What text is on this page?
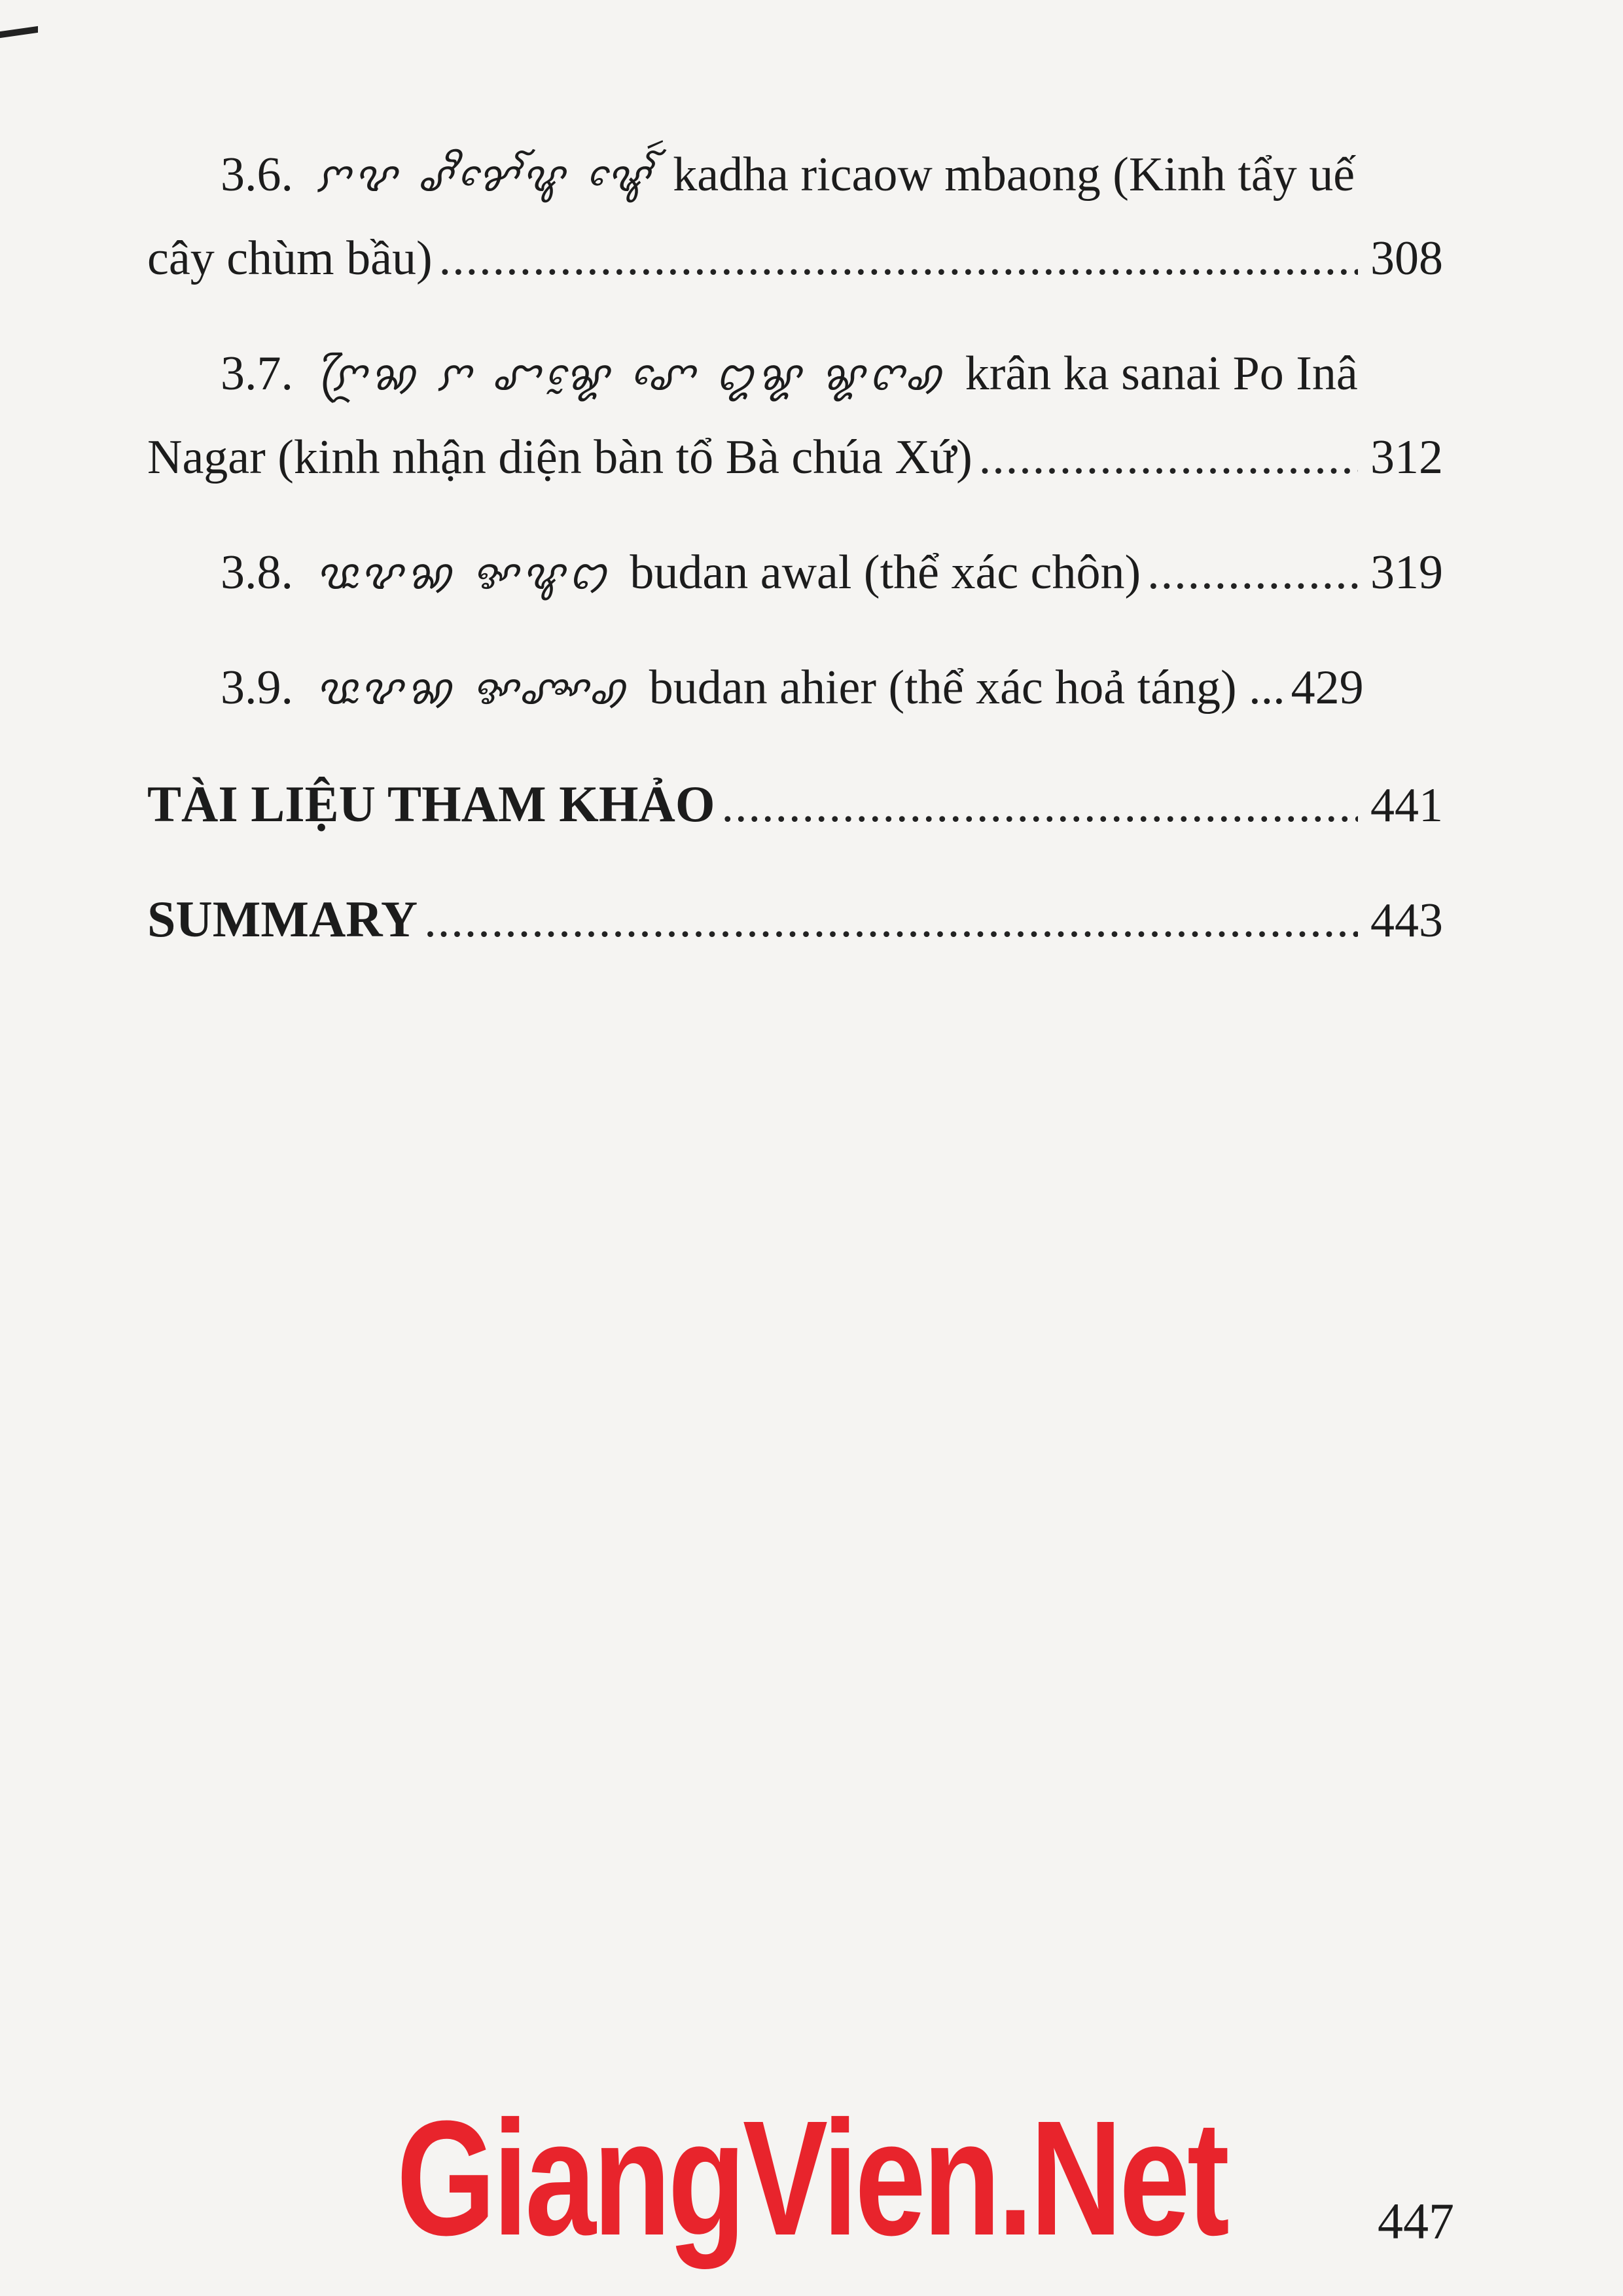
3.6. ꨆꨖ ꨣꨪꨌꨯꨱꨥ ꨡꨯꨱꩃ kadha ricaow mbaong (Kinh tẩy uế
cây chùm bầu) .....	308
3.7. ꨆꨴꩆ ꨆ ꨧꨘꨰ ꨚꨯ ꨁꨘ ꨘꨈꩉ krân ka sanai Po Inâ
Nagar (kinh nhận diện bàn tổ Bà chúa Xứ) .....	312
3.8. ꨝꨭꨖꩆ ꨀꨥꩊ budan awal (thể xác chôn) .....	319
3.9. ꨝꨭꨖꩆ ꨀꨨꨳꩉ budan ahier (thể xác hoả táng) ... 429
TÀI LIỆU THAM KHẢO .....	441
SUMMARY .....	443
GiangVien.Net	447
